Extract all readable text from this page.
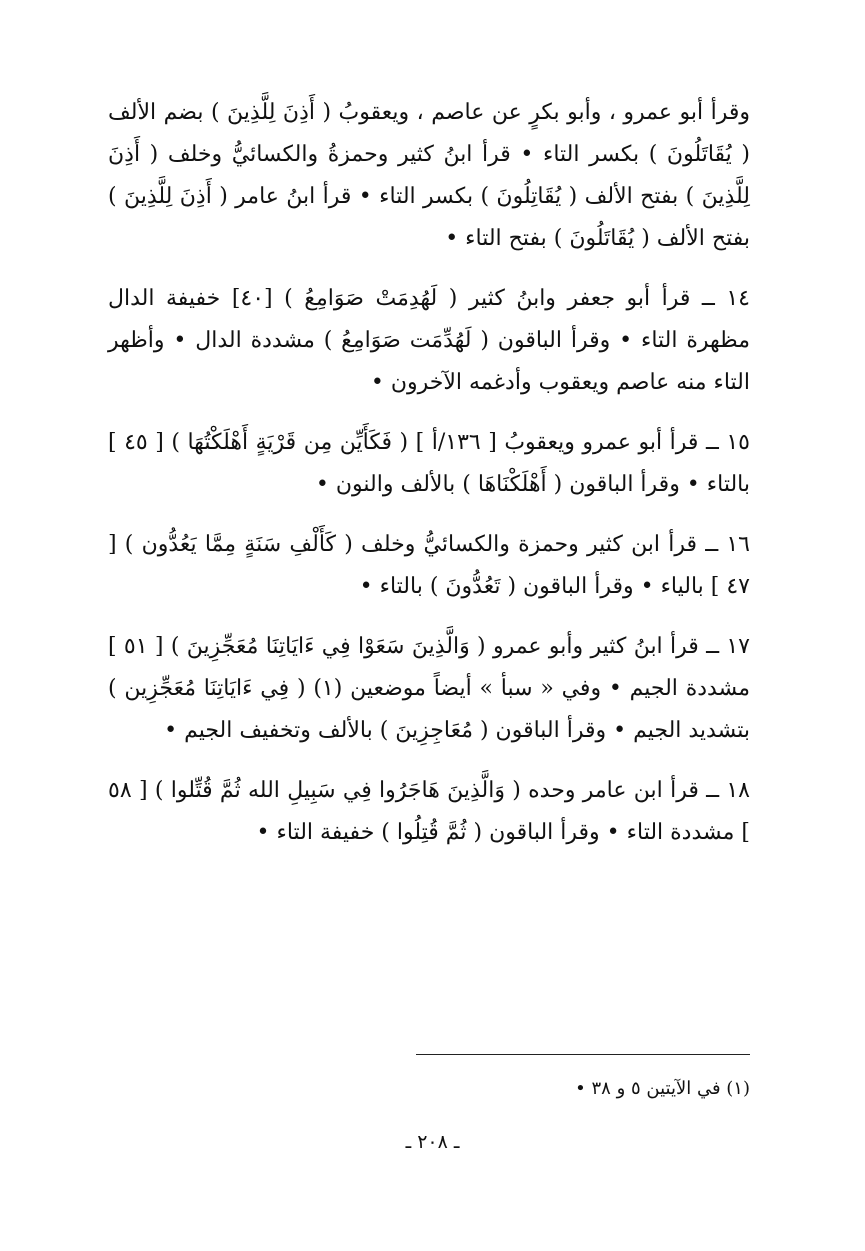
وقرأ أبو عمرو ، وأبو بكرٍ عن عاصم ، ويعقوبُ ( أَذِنَ لِلَّذِينَ ) بضم الألف ( يُقَاتَلُونَ ) بكسر التاء • قرأ ابنُ كثير وحمزةُ والكسائيُّ وخلف ( أَذِنَ لِلَّذِينَ ) بفتح الألف ( يُقَاتِلُونَ ) بكسر التاء • قرأ ابنُ عامر ( أَذِنَ لِلَّذِينَ ) بفتح الألف ( يُقَاتَلُونَ ) بفتح التاء •

١٤ ــ قرأ أبو جعفر وابنُ كثير ( لَهُدِمَتْ صَوَامِعُ ) [٤٠] خفيفة الدال مظهرة التاء • وقرأ الباقون ( لَهُدِّمَت صَوَامِعُ ) مشددة الدال • وأظهر التاء منه عاصم ويعقوب وأدغمه الآخرون •

١٥ ــ قرأ أبو عمرو ويعقوبُ [ ١٣٦/أ ] ( فَكَأَيِّن مِن قَرْيَةٍ أَهْلَكْتُهَا ) [ ٤٥ ] بالتاء • وقرأ الباقون ( أَهْلَكْنَاهَا ) بالألف والنون •

١٦ ــ قرأ ابن كثير وحمزة والكسائيُّ وخلف ( كَأَلْفِ سَنَةٍ مِمَّا يَعُدُّون ) [ ٤٧ ] بالياء • وقرأ الباقون ( تَعُدُّونَ ) بالتاء •

١٧ ــ قرأ ابنُ كثير وأبو عمرو ( وَالَّذِينَ سَعَوْا فِي ءَايَاتِنَا مُعَجِّزِينَ ) [ ٥١ ] مشددة الجيم • وفي « سبأ » أيضاً موضعين (١) ( فِي ءَايَاتِنَا مُعَجِّزِين ) بتشديد الجيم • وقرأ الباقون ( مُعَاجِزِينَ ) بالألف وتخفيف الجيم •

١٨ ــ قرأ ابن عامر وحده ( وَالَّذِينَ هَاجَرُوا فِي سَبِيلِ الله ثُمَّ قُتِّلوا ) [ ٥٨ ] مشددة التاء • وقرأ الباقون ( ثُمَّ قُتِلُوا ) خفيفة التاء •

(١) في الآيتين ٥ و ٣٨ •
ـ ٢٠٨ ـ
